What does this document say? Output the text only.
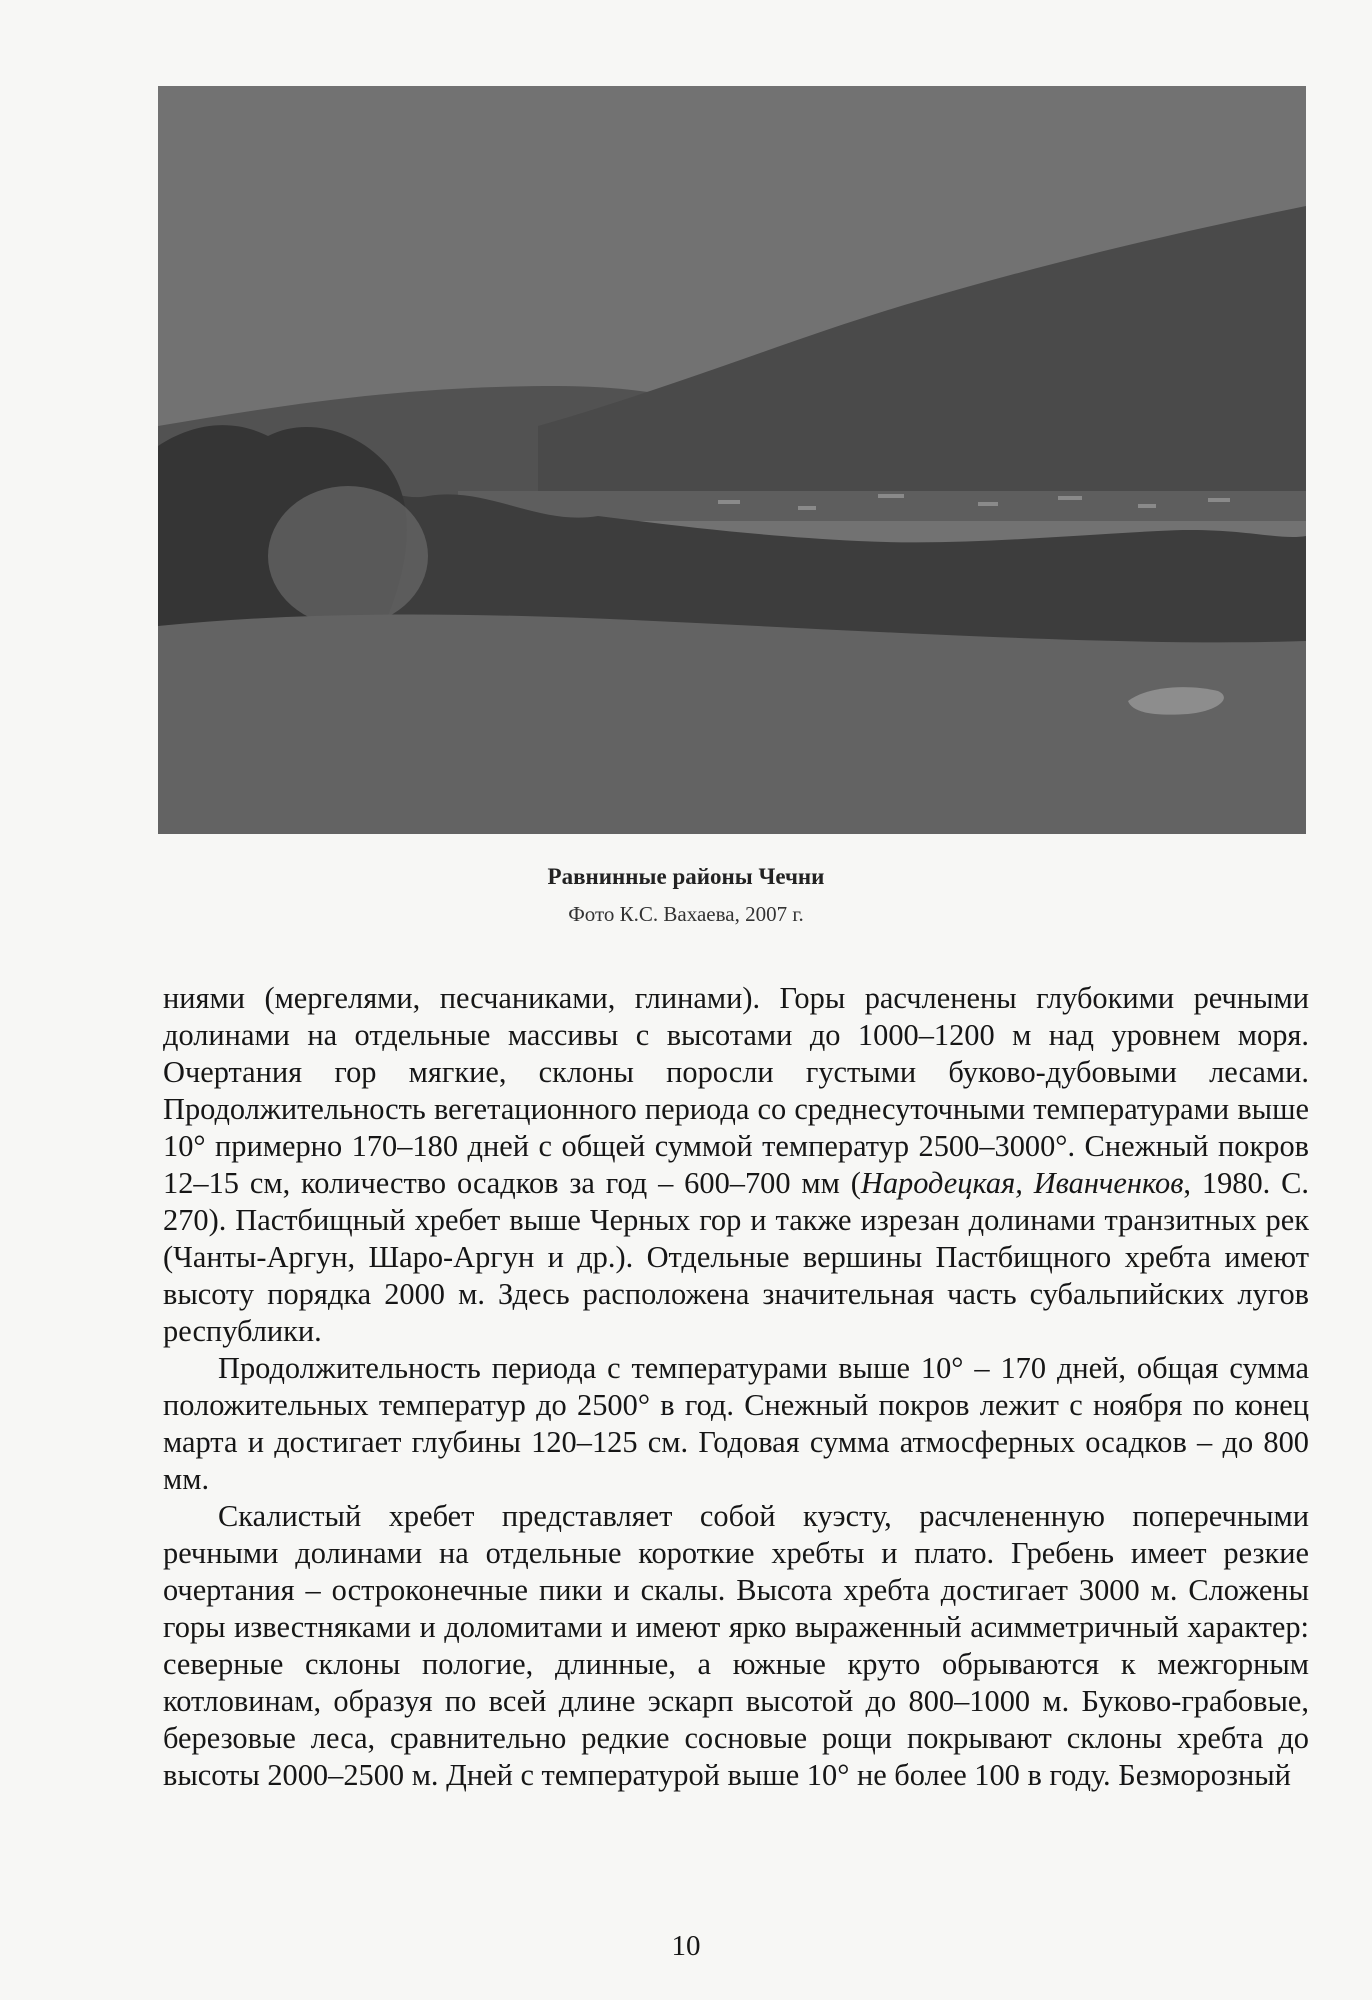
Равнинные районы Чечни
Фото К.С. Вахаева, 2007 г.

ниями (мергелями, песчаниками, глинами). Горы расчленены глубокими речными долинами на отдельные массивы с высотами до 1000–1200 м над уровнем моря. Очертания гор мягкие, склоны поросли густыми буково-дубовыми лесами. Продолжительность вегетационного периода со среднесуточными температурами выше 10° примерно 170–180 дней с общей суммой температур 2500–3000°. Снежный покров 12–15 см, количество осадков за год – 600–700 мм (Народецкая, Иванченков, 1980. С. 270). Пастбищный хребет выше Черных гор и также изрезан долинами транзитных рек (Чанты-Аргун, Шаро-Аргун и др.). Отдельные вершины Пастбищного хребта имеют высоту порядка 2000 м. Здесь расположена значительная часть субальпийских лугов республики.

Продолжительность периода с температурами выше 10° – 170 дней, общая сумма положительных температур до 2500° в год. Снежный покров лежит с ноября по конец марта и достигает глубины 120–125 см. Годовая сумма атмосферных осадков – до 800 мм.

Скалистый хребет представляет собой куэсту, расчлененную поперечными речными долинами на отдельные короткие хребты и плато. Гребень имеет резкие очертания – остроконечные пики и скалы. Высота хребта достигает 3000 м. Сложены горы известняками и доломитами и имеют ярко выраженный асимметричный характер: северные склоны пологие, длинные, а южные круто обрываются к межгорным котловинам, образуя по всей длине эскарп высотой до 800–1000 м. Буково-грабовые, березовые леса, сравнительно редкие сосновые рощи покрывают склоны хребта до высоты 2000–2500 м. Дней с температурой выше 10° не более 100 в году. Безморозный

10
